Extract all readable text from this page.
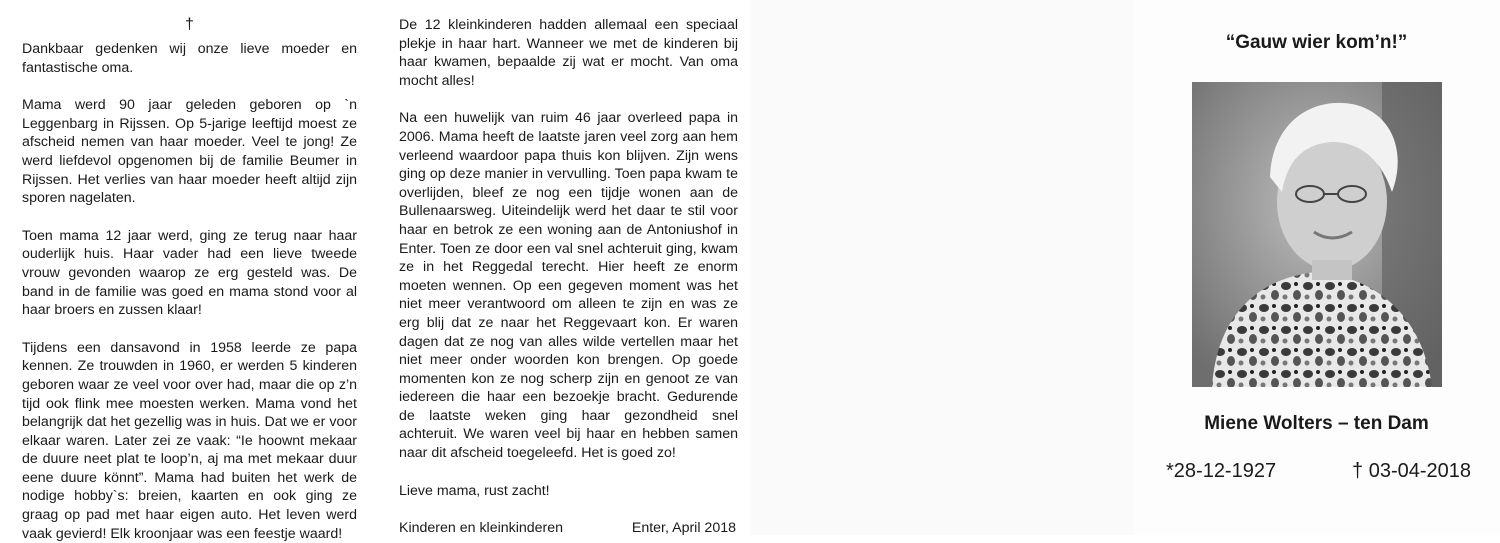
†

Dankbaar gedenken wij onze lieve moeder en fantastische oma.

Mama werd 90 jaar geleden geboren op `n Leggenbarg in Rijssen. Op 5-jarige leeftijd moest ze afscheid nemen van haar moeder. Veel te jong! Ze werd liefdevol opgenomen bij de familie Beumer in Rijssen. Het verlies van haar moeder heeft altijd zijn sporen nagelaten.

Toen mama 12 jaar werd, ging ze terug naar haar ouderlijk huis. Haar vader had een lieve tweede vrouw gevonden waarop ze erg gesteld was. De band in de familie was goed en mama stond voor al haar broers en zussen klaar!

Tijdens een dansavond in 1958 leerde ze papa kennen. Ze trouwden in 1960, er werden 5 kinderen geboren waar ze veel voor over had, maar die op z’n tijd ook flink mee moesten werken. Mama vond het belangrijk dat het gezellig was in huis. Dat we er voor elkaar waren. Later zei ze vaak: “Ie hoownt mekaar de duure neet plat te loop’n, aj ma met mekaar duur eene duure könnt”. Mama had buiten het werk de nodige hobby`s: breien, kaarten en ook ging ze graag op pad met haar eigen auto. Het leven werd vaak gevierd! Elk kroonjaar was een feestje waard!

De 12 kleinkinderen hadden allemaal een speciaal plekje in haar hart. Wanneer we met de kinderen bij haar kwamen, bepaalde zij wat er mocht. Van oma mocht alles!

Na een huwelijk van ruim 46 jaar overleed papa in 2006. Mama heeft de laatste jaren veel zorg aan hem verleend waardoor papa thuis kon blijven. Zijn wens ging op deze manier in vervulling. Toen papa kwam te overlijden, bleef ze nog een tijdje wonen aan de Bullenaarsweg. Uiteindelijk werd het daar te stil voor haar en betrok ze een woning aan de Antoniushof in Enter. Toen ze door een val snel achteruit ging, kwam ze in het Reggedal terecht. Hier heeft ze enorm moeten wennen. Op een gegeven moment was het niet meer verantwoord om alleen te zijn en was ze erg blij dat ze naar het Reggevaart kon. Er waren dagen dat ze nog van alles wilde vertellen maar het niet meer onder woorden kon brengen. Op goede momenten kon ze nog scherp zijn en genoot ze van iedereen die haar een bezoekje bracht. Gedurende de laatste weken ging haar gezondheid snel achteruit. We waren veel bij haar en hebben samen naar dit afscheid toegeleefd. Het is goed zo!

Lieve mama, rust zacht!

Kinderen en kleinkinderen	Enter, April 2018
“Gauw wier kom’n!”
Miene Wolters – ten Dam
*28-12-1927	† 03-04-2018
